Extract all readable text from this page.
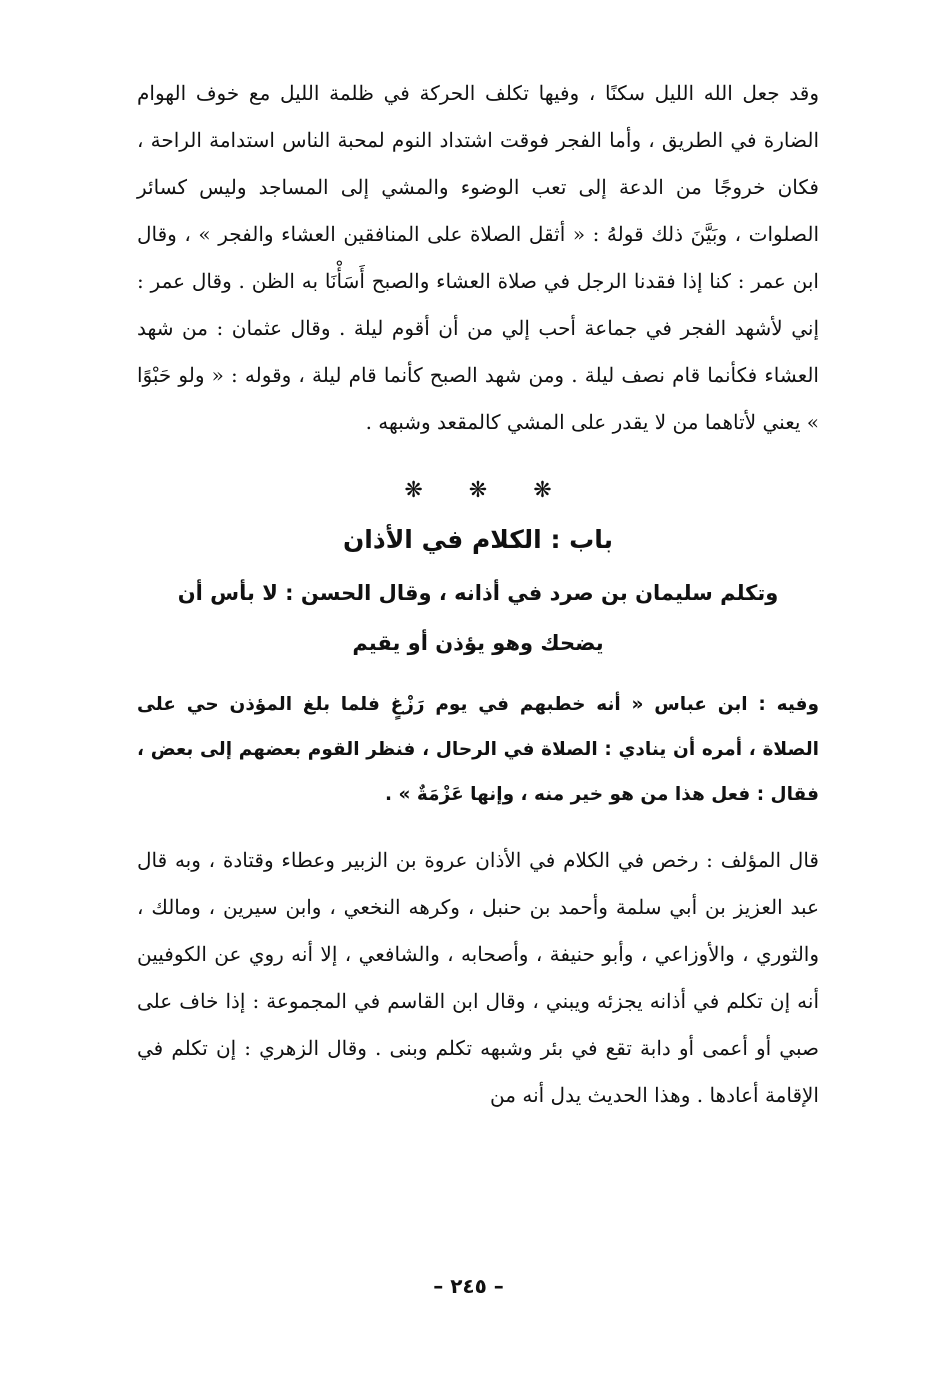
وقد جعل الله الليل سكنًا ، وفيها تكلف الحركة في ظلمة الليل مع خوف الهوام الضارة في الطريق ، وأما الفجر فوقت اشتداد النوم لمحبة الناس استدامة الراحة ، فكان خروجًا من الدعة إلى تعب الوضوء والمشي إلى المساجد وليس كسائر الصلوات ، وبَيَّنَ ذلك قولهُ : « أثقل الصلاة على المنافقين العشاء والفجر » ، وقال ابن عمر : كنا إذا فقدنا الرجل في صلاة العشاء والصبح أَسَأْنَا به الظن . وقال عمر : إني لأشهد الفجر في جماعة أحب إلي من أن أقوم ليلة . وقال عثمان : من شهد العشاء فكأنما قام نصف ليلة . ومن شهد الصبح كأنما قام ليلة ، وقوله : « ولو حَبْوًا » يعني لأتاهما من لا يقدر على المشي كالمقعد وشبهه .

❋ ❋ ❋
باب : الكلام في الأذان
وتكلم سليمان بن صرد في أذانه ، وقال الحسن : لا بأس أن يضحك وهو يؤذن أو يقيم

وفيه : ابن عباس « أنه خطبهم في يوم رَزْغٍ فلما بلغ المؤذن حي على الصلاة ، أمره أن ينادي : الصلاة في الرحال ، فنظر القوم بعضهم إلى بعض ، فقال : فعل هذا من هو خير منه ، وإنها عَزْمَةٌ » .

قال المؤلف : رخص في الكلام في الأذان عروة بن الزبير وعطاء وقتادة ، وبه قال عبد العزيز بن أبي سلمة وأحمد بن حنبل ، وكرهه النخعي ، وابن سيرين ، ومالك ، والثوري ، والأوزاعي ، وأبو حنيفة ، وأصحابه ، والشافعي ، إلا أنه روي عن الكوفيين أنه إن تكلم في أذانه يجزئه ويبني ، وقال ابن القاسم في المجموعة : إذا خاف على صبي أو أعمى أو دابة تقع في بئر وشبهه تكلم وبنى . وقال الزهري : إن تكلم في الإقامة أعادها . وهذا الحديث يدل أنه من

– ٢٤٥ –
